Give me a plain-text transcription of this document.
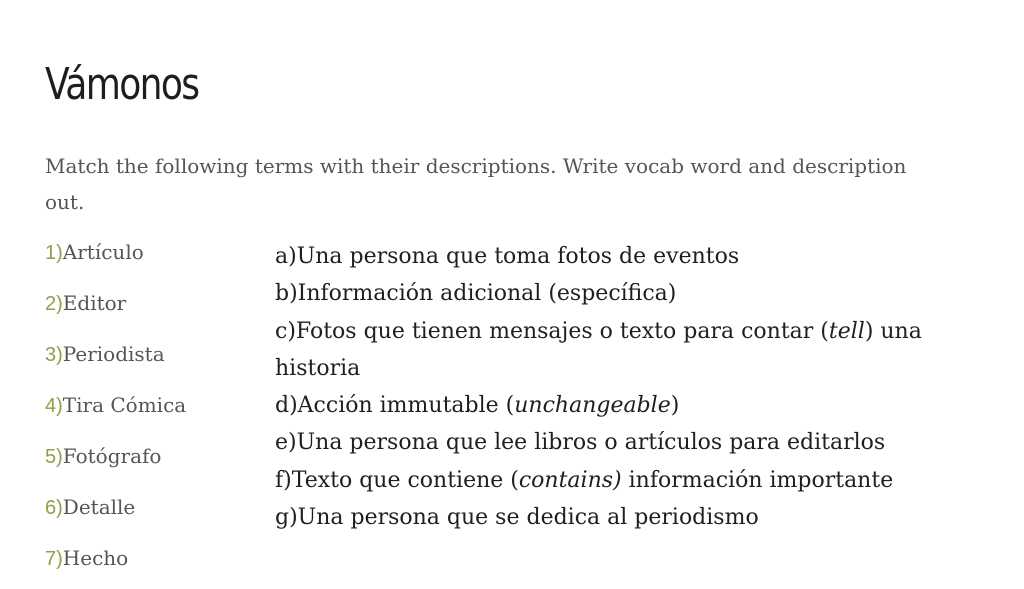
Vámonos

Match the following terms with their descriptions. Write vocab word and description out.

1)Artículo
2)Editor
3)Periodista
4)Tira Cómica
5)Fotógrafo
6)Detalle
7)Hecho
a)Una persona que toma fotos de eventos
b)Información adicional (específica)
c)Fotos que tienen mensajes o texto para contar (tell) una historia
d)Acción immutable (unchangeable)
e)Una persona que lee libros o artículos para editarlos
f)Texto que contiene (contains) información importante
g)Una persona que se dedica al periodismo
